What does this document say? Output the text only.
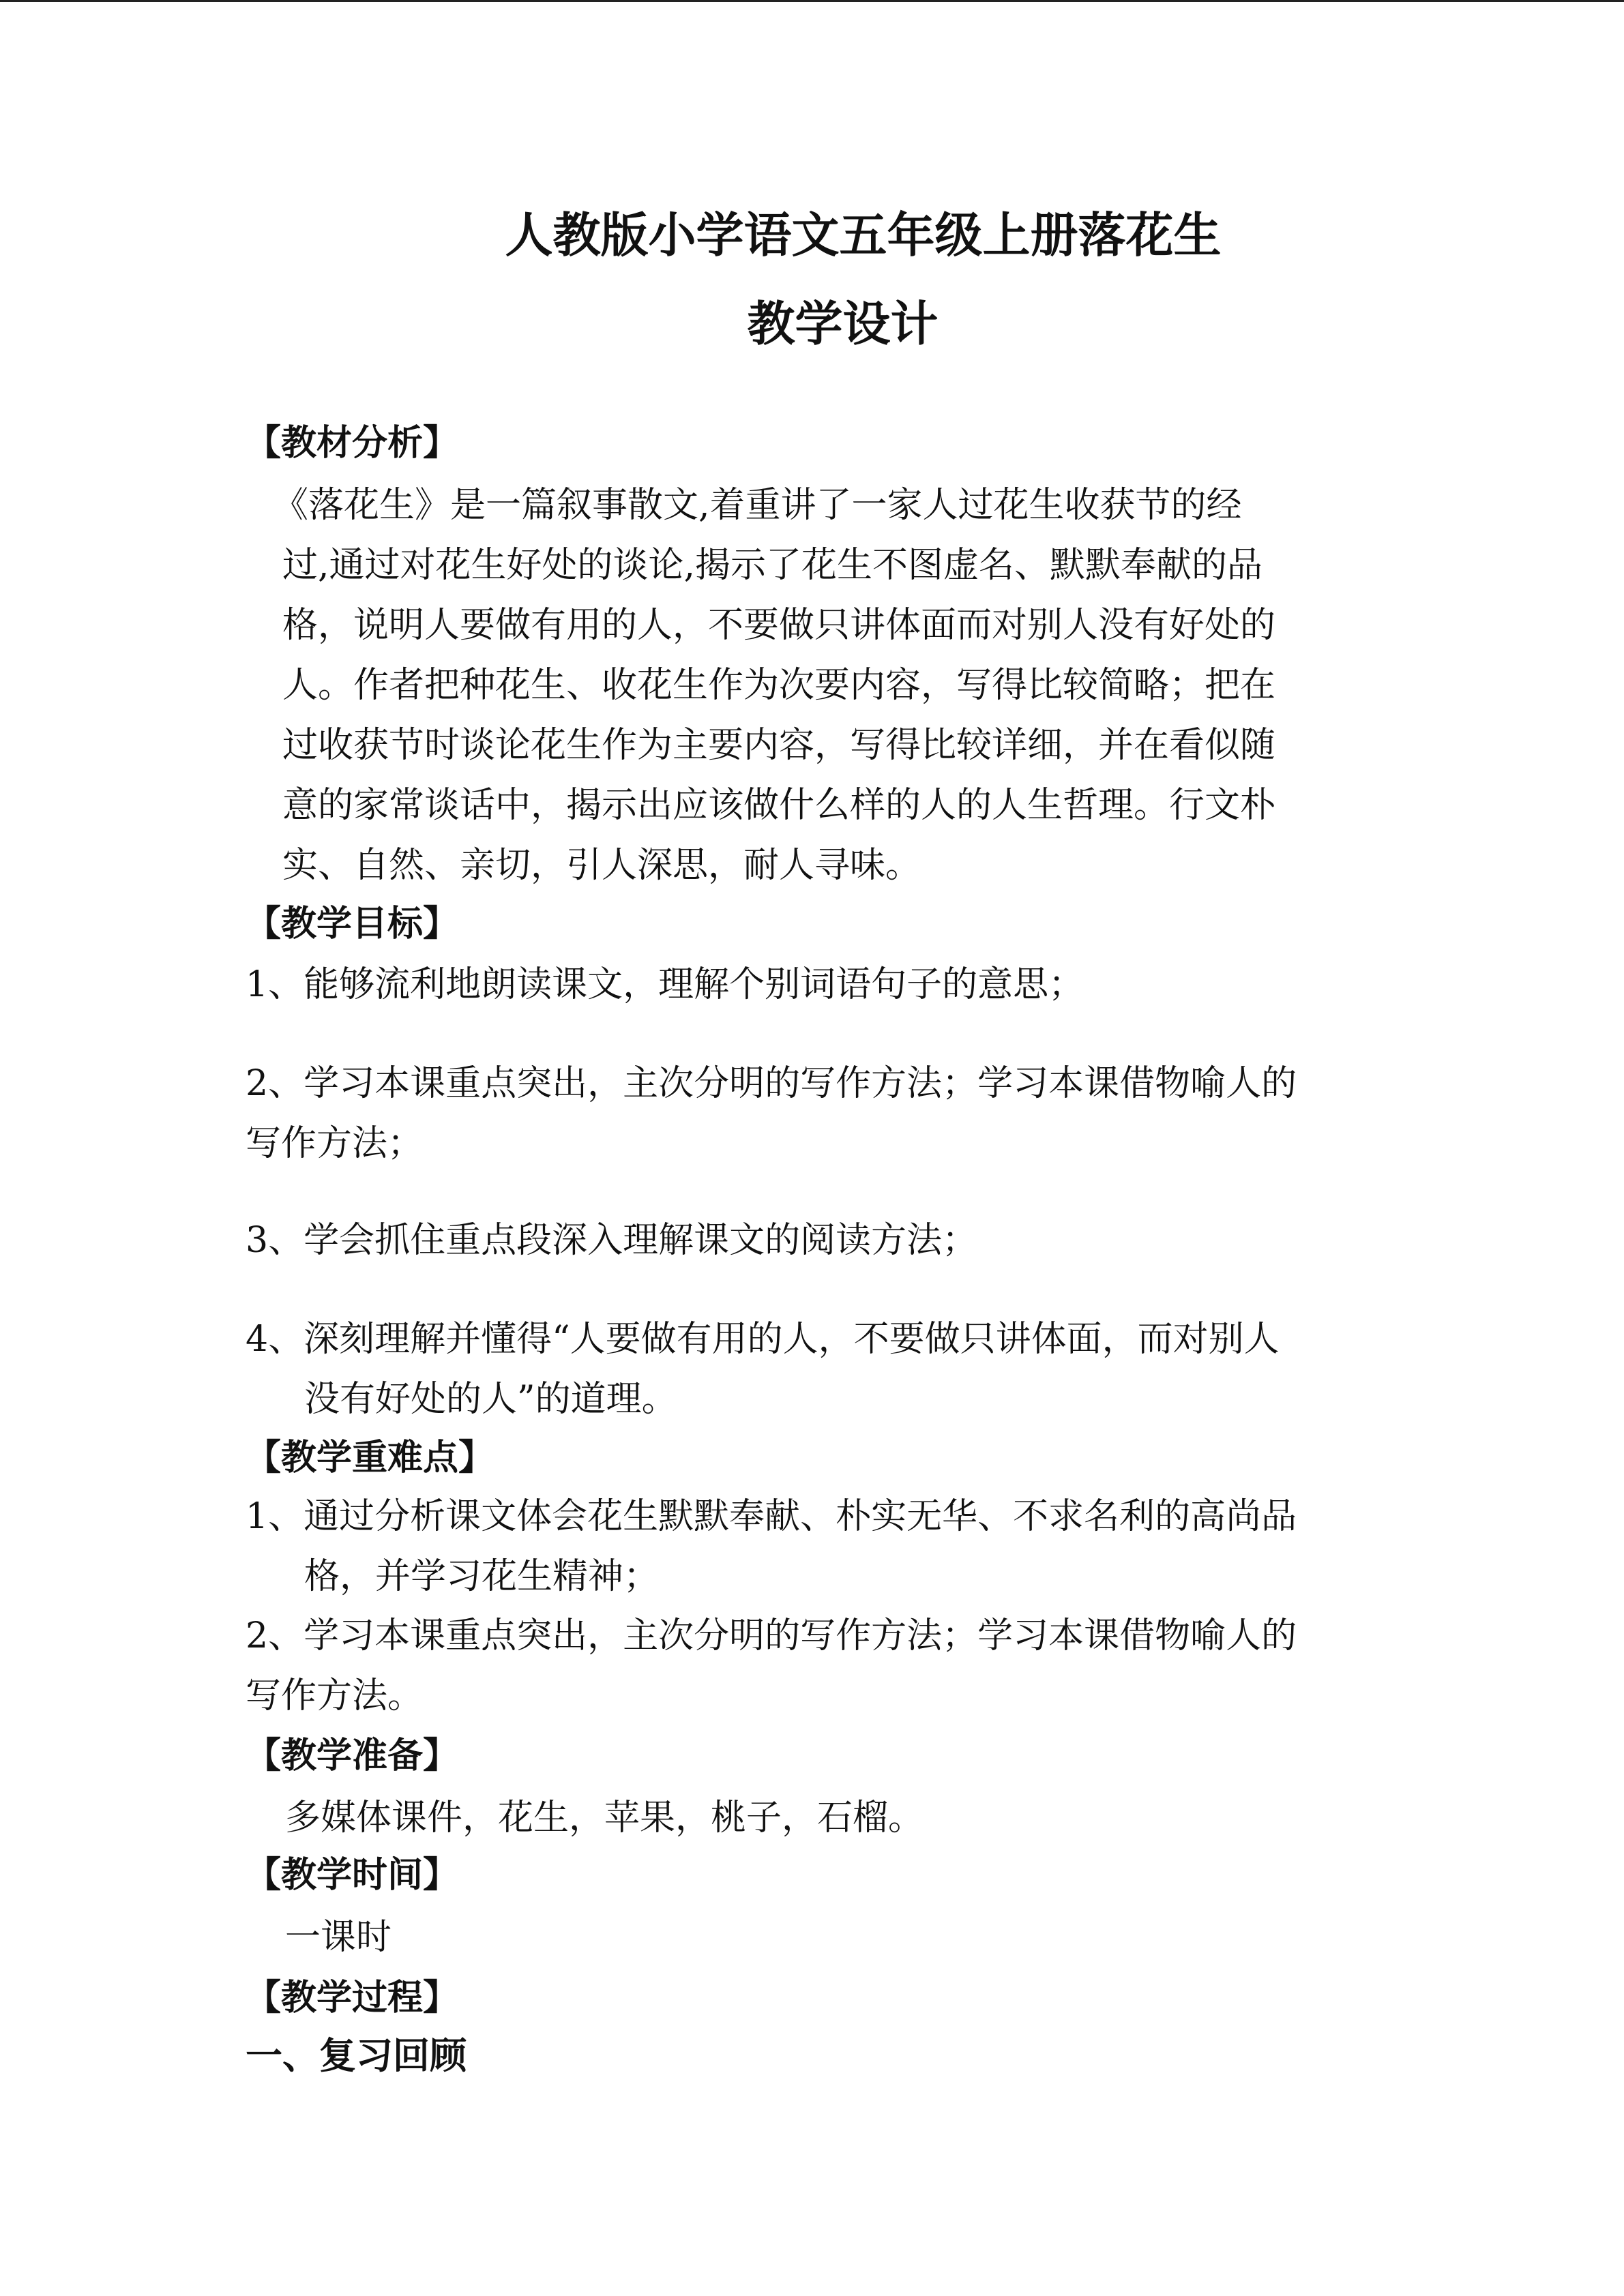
人教版小学语文五年级上册落花生
教学设计
【教材分析】
《落花生》是一篇叙事散文,着重讲了一家人过花生收获节的经
过,通过对花生好处的谈论,揭示了花生不图虚名、默默奉献的品
格，说明人要做有用的人，不要做只讲体面而对别人没有好处的
人。作者把种花生、收花生作为次要内容，写得比较简略；把在
过收获节时谈论花生作为主要内容，写得比较详细，并在看似随
意的家常谈话中，揭示出应该做什么样的人的人生哲理。行文朴
实、自然、亲切，引人深思，耐人寻味。
【教学目标】
1、能够流利地朗读课文，理解个别词语句子的意思；
2、学习本课重点突出，主次分明的写作方法；学习本课借物喻人的
写作方法；
3、学会抓住重点段深入理解课文的阅读方法；
4、深刻理解并懂得“人要做有用的人，不要做只讲体面，而对别人
没有好处的人”的道理。
【教学重难点】
1、通过分析课文体会花生默默奉献、朴实无华、不求名利的高尚品
格，并学习花生精神；
2、学习本课重点突出，主次分明的写作方法；学习本课借物喻人的
写作方法。
【教学准备】
多媒体课件，花生，苹果，桃子，石榴。
【教学时间】
一课时
【教学过程】
一、复习回顾
